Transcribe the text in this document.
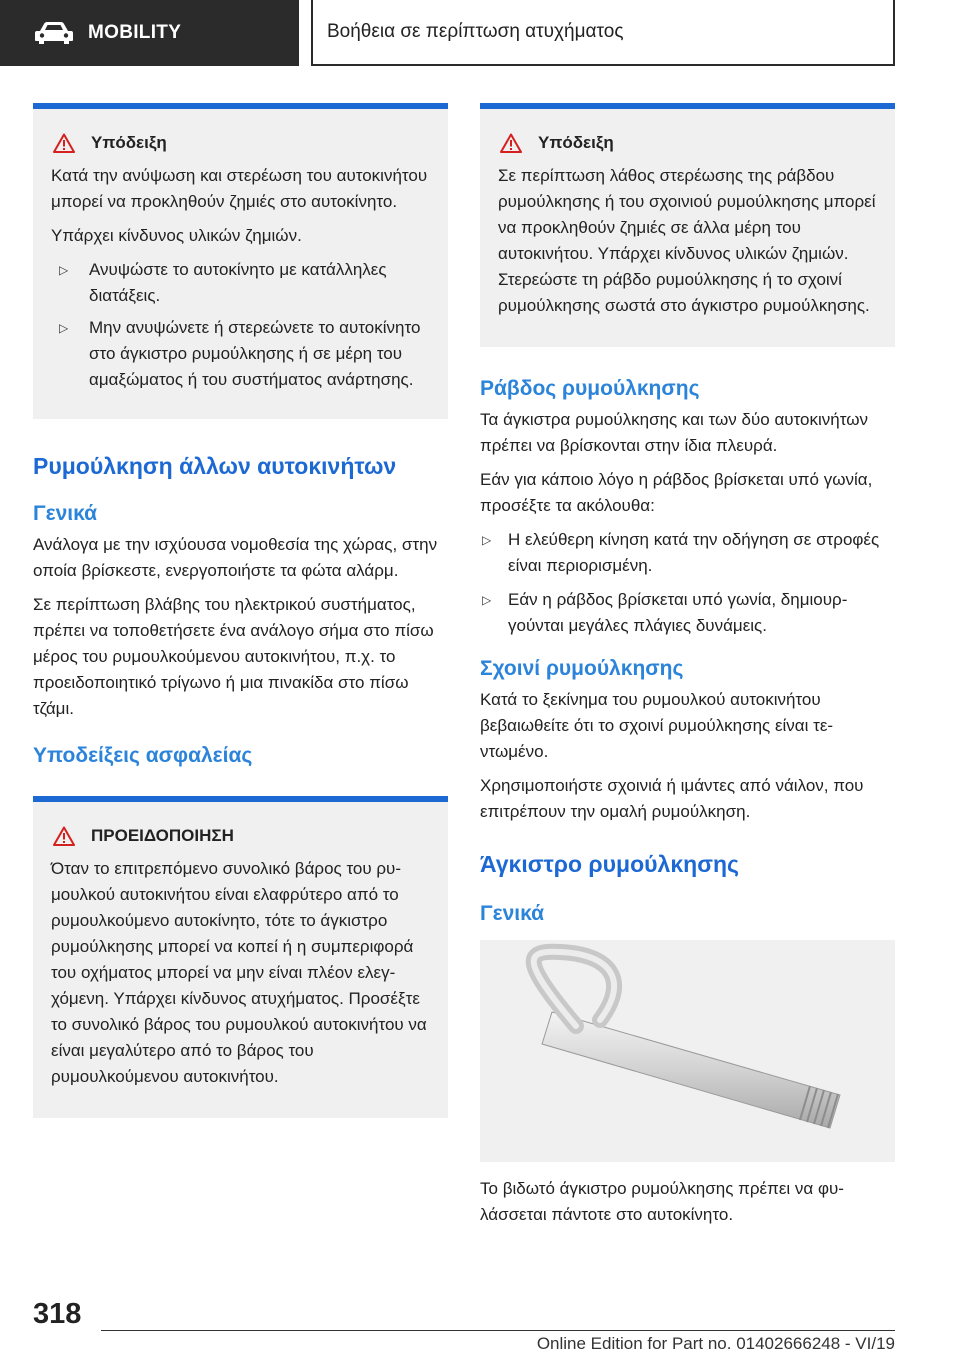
MOBILITY	Βοήθεια σε περίπτωση ατυχήματος
Υπόδειξη

Κατά την ανύψωση και στερέωση του αυτοκινήτου μπορεί να προκληθούν ζημιές στο αυτοκίνητο.

Υπάρχει κίνδυνος υλικών ζημιών.

▷ Ανυψώστε το αυτοκίνητο με κατάλληλες διατάξεις.
▷ Μην ανυψώνετε ή στερεώνετε το αυτοκίνητο στο άγκιστρο ρυμούλκησης ή σε μέρη του αμαξώματος ή του συστήματος ανάρτησης.
Ρυμούλκηση άλλων αυτοκινήτων
Γενικά

Ανάλογα με την ισχύουσα νομοθεσία της χώρας, στην οποία βρίσκεστε, ενεργοποιήστε τα φώτα αλάρμ.

Σε περίπτωση βλάβης του ηλεκτρικού συστήματος, πρέπει να τοποθετήσετε ένα ανάλογο σήμα στο πίσω μέρος του ρυμουλκούμενου αυτοκινήτου, π.χ. το προειδοποιητικό τρίγωνο ή μια πινακίδα στο πίσω τζάμι.

Υποδείξεις ασφαλείας
ΠΡΟΕΙΔΟΠΟΙΗΣΗ

Όταν το επιτρεπόμενο συνολικό βάρος του ρυμουλκού αυτοκινήτου είναι ελαφρύτερο από το ρυμουλκούμενο αυτοκίνητο, τότε το άγκιστρο ρυμούλκησης μπορεί να κοπεί ή η συμπεριφορά του οχήματος μπορεί να μην είναι πλέον ελεγχόμενη. Υπάρχει κίνδυνος ατυχήματος. Προσέξτε το συνολικό βάρος του ρυμουλκού αυτοκινήτου να είναι μεγαλύτερο από το βάρος του ρυμουλκούμενου αυτοκινήτου.

Υπόδειξη

Σε περίπτωση λάθος στερέωσης της ράβδου ρυμούλκησης ή του σχοινιού ρυμούλκησης μπορεί να προκληθούν ζημιές σε άλλα μέρη του αυτοκινήτου. Υπάρχει κίνδυνος υλικών ζημιών. Στερεώστε τη ράβδο ρυμούλκησης ή το σχοινί ρυμούλκησης σωστά στο άγκιστρο ρυμούλκησης.

Ράβδος ρυμούλκησης

Τα άγκιστρα ρυμούλκησης και των δύο αυτοκινήτων πρέπει να βρίσκονται στην ίδια πλευρά.

Εάν για κάποιο λόγο η ράβδος βρίσκεται υπό γωνία, προσέξτε τα ακόλουθα:

▷ Η ελεύθερη κίνηση κατά την οδήγηση σε στροφές είναι περιορισμένη.
▷ Εάν η ράβδος βρίσκεται υπό γωνία, δημιουργούνται μεγάλες πλάγιες δυνάμεις.
Σχοινί ρυμούλκησης

Κατά το ξεκίνημα του ρυμουλκού αυτοκινήτου βεβαιωθείτε ότι το σχοινί ρυμούλκησης είναι τεντωμένο.

Χρησιμοποιήστε σχοινιά ή ιμάντες από νάιλον, που επιτρέπουν την ομαλή ρυμούλκηση.

Άγκιστρο ρυμούλκησης
Γενικά

Το βιδωτό άγκιστρο ρυμούλκησης πρέπει να φυλάσσεται πάντοτε στο αυτοκίνητο.

318
Online Edition for Part no. 01402666248 - VI/19
